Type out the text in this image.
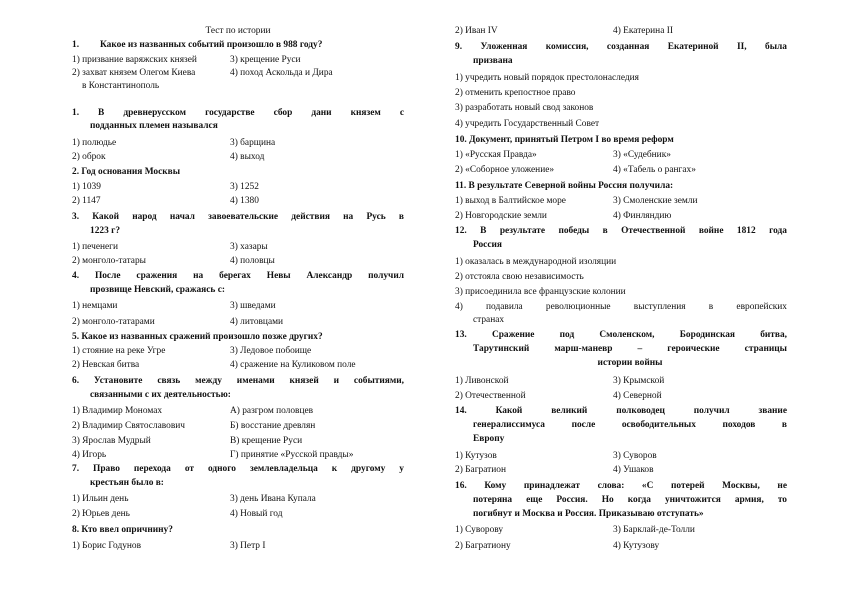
Тест по истории
1. Какое из названных событий произошло в 988 году?
1) призвание варяжских князей	3) крещение Руси
2) захват князем Олегом Киева	4) поход Аскольда и Дира
в Константинополь
1. В древнерусском государстве сбор дани князем с
подданных племен назывался
1) полюдье	3) барщина
2) оброк	4) выход
2. Год основания Москвы
1) 1039	3) 1252
2) 1147	4) 1380
3. Какой народ начал завоевательские действия на Русь в
1223 г?
1) печенеги	3) хазары
2) монголо-татары	4) половцы
4. После сражения на берегах Невы Александр получил
прозвище Невский, сражаясь с:
1) немцами	3) шведами
2) монголо-татарами	4) литовцами
5. Какое из названных сражений произошло позже других?
1) стояние на реке Угре	3) Ледовое побоище
2) Невская битва	4) сражение на Куликовом поле
6. Установите связь между именами князей и событиями,
связанными с их деятельностью:
1) Владимир Мономах	А) разгром половцев
2) Владимир Святославович	Б) восстание древлян
3) Ярослав Мудрый	В) крещение Руси
4) Игорь	Г) принятие «Русской правды»
7. Право перехода от одного землевладельца к другому у
крестьян было в:
1) Ильин день	3) день Ивана Купала
2) Юрьев день	4) Новый год
8. Кто ввел опричнину?
1) Борис Годунов	3) Петр I
2) Иван IV	4) Екатерина II
9. Уложенная комиссия, созданная Екатериной II, была
призвана
1) учредить новый порядок престолонаследия
2) отменить крепостное право
3) разработать новый свод законов
4) учредить Государственный Совет
10. Документ, принятый Петром I во время реформ
1) «Русская Правда»	3) «Судебник»
2) «Соборное уложение»	4) «Табель о рангах»
11. В результате Северной войны Россия получила:
1) выход в Балтийское море	3) Смоленские земли
2) Новгородские земли	4) Финляндию
12. В результате победы в Отечественной войне 1812 года
Россия
1) оказалась в международной изоляции
2) отстояла свою независимость
3) присоединила все французские колонии
4) подавила революционные выступления в европейских
странах
13. Сражение под Смоленском, Бородинская битва,
Тарутинский марш-маневр – героические страницы
истории войны
1) Ливонской	3) Крымской
2) Отечественной	4) Северной
14. Какой великий полководец получил звание
генералиссимуса после освободительных походов в
Европу
1) Кутузов	3) Суворов
2) Багратион	4) Ушаков
16. Кому принадлежат слова: «С потерей Москвы, не
потеряна еще Россия. Но когда уничтожится армия, то
погибнут и Москва и Россия. Приказываю отступать»
1) Суворову	3) Барклай-де-Толли
2) Багратиону	4) Кутузову
